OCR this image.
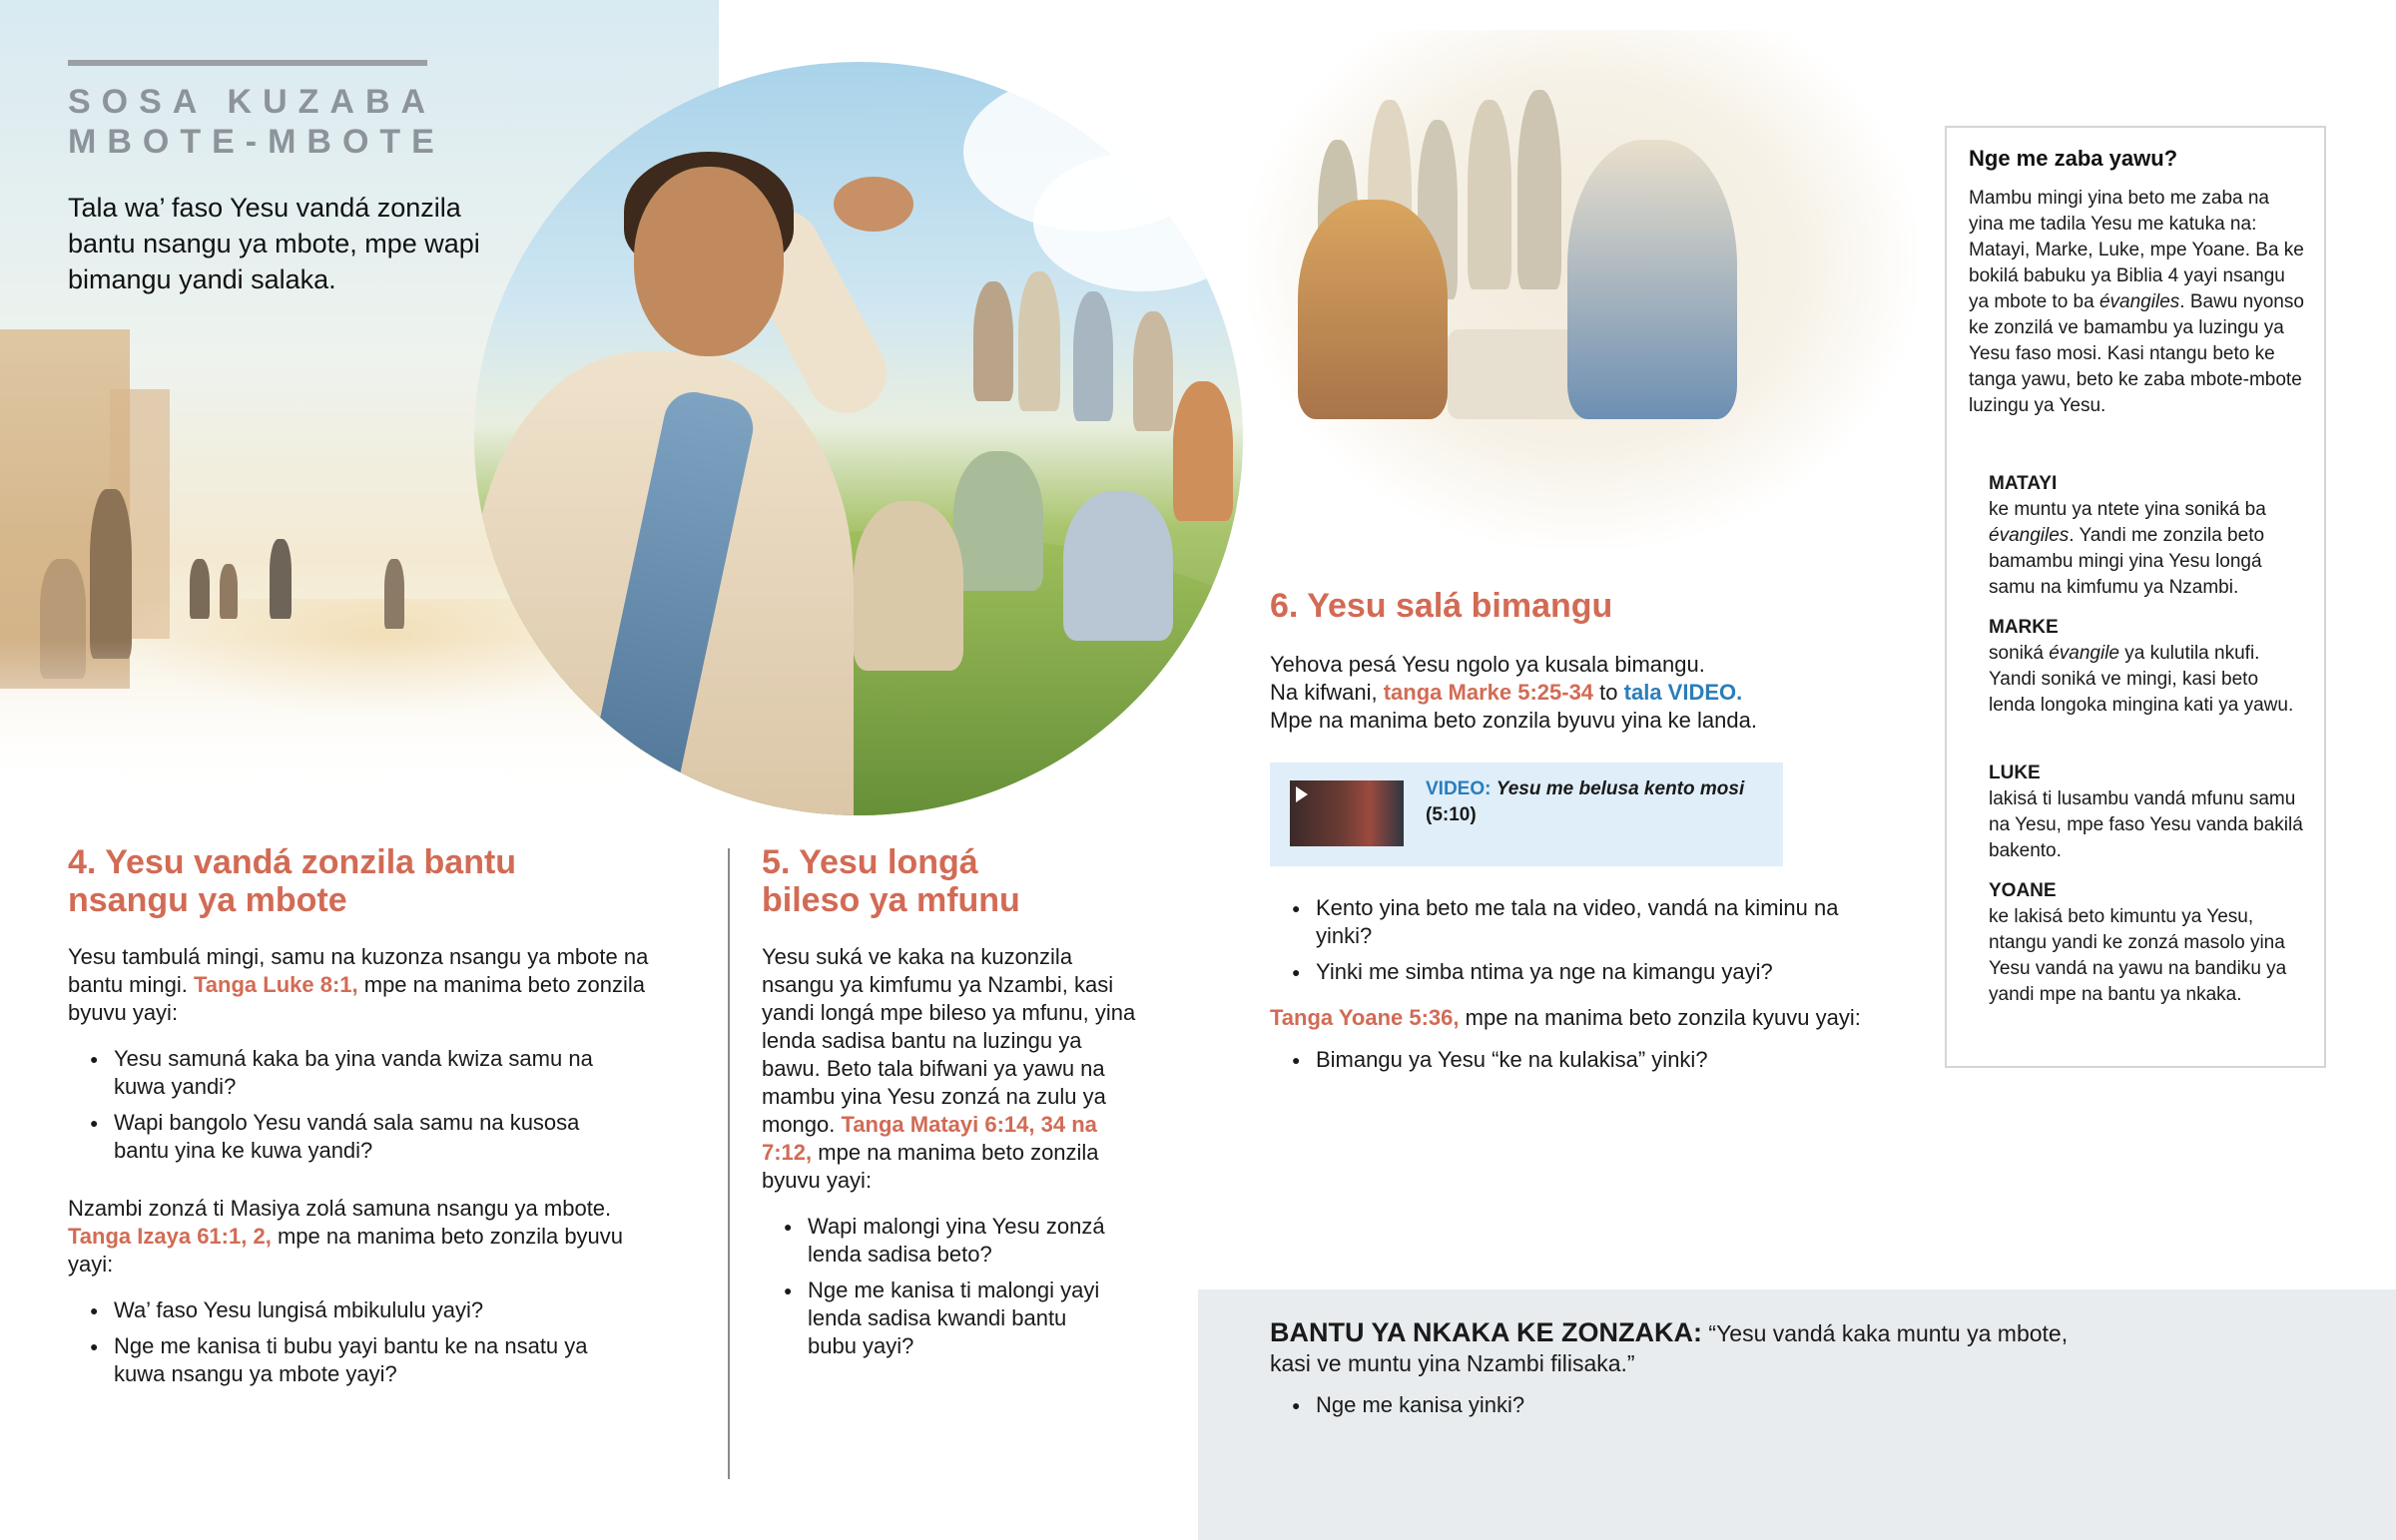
SOSA KUZABA
MBOTE-MBOTE

Tala wa’ faso Yesu vandá zonzila bantu nsangu ya mbote, mpe wapi bimangu yandi salaka.

4. Yesu vandá zonzila bantu nsangu ya mbote

Yesu tambulá mingi, samu na kuzonza nsangu ya mbote na bantu mingi. Tanga Luke 8:1, mpe na manima beto zonzila byuvu yayi:

● Yesu samuná kaka ba yina vanda kwiza samu na kuwa yandi?
● Wapi bangolo Yesu vandá sala samu na kusosa bantu yina ke kuwa yandi?

Nzambi zonzá ti Masiya zolá samuna nsangu ya mbote. Tanga Izaya 61:1, 2, mpe na manima beto zonzila byuvu yayi:

● Wa’ faso Yesu lungisá mbikululu yayi?
● Nge me kanisa ti bubu yayi bantu ke na nsatu ya kuwa nsangu ya mbote yayi?
5. Yesu longá bileso ya mfunu

Yesu suká ve kaka na kuzonzila nsangu ya kimfumu ya Nzambi, kasi yandi longá mpe bileso ya mfunu, yina lenda sadisa bantu na luzingu ya bawu. Beto tala bifwani ya yawu na mambu yina Yesu zonzá na zulu ya mongo. Tanga Matayi 6:14, 34 na 7:12, mpe na manima beto zonzila byuvu yayi:

● Wapi malongi yina Yesu zonzá lenda sadisa beto?
● Nge me kanisa ti malongi yayi lenda sadisa kwandi bantu bubu yayi?
6. Yesu salá bimangu

Yehova pesá Yesu ngolo ya kusala bimangu.
Na kifwani, tanga Marke 5:25-34 to tala VIDEO.
Mpe na manima beto zonzila byuvu yina ke landa.

VIDEO: Yesu me belusa kento mosi (5:10)
● Kento yina beto me tala na video, vandá na kiminu na yinki?
● Yinki me simba ntima ya nge na kimangu yayi?

Tanga Yoane 5:36, mpe na manima beto zonzila kyuvu yayi:

● Bimangu ya Yesu “ke na kulakisa” yinki?

Nge me zaba yawu?

Mambu mingi yina beto me zaba na yina me tadila Yesu me katuka na: Matayi, Marke, Luke, mpe Yoane. Ba ke bokilá babuku ya Biblia 4 yayi nsangu ya mbote to ba évangiles. Bawu nyonso ke zonzilá ve bamambu ya luzingu ya Yesu faso mosi. Kasi ntangu beto ke tanga yawu, beto ke zaba mbote-mbote luzingu ya Yesu.

MATAYI

ke muntu ya ntete yina soniká ba évangiles. Yandi me zonzila beto bamambu mingi yina Yesu longá samu na kimfumu ya Nzambi.

MARKE

soniká évangile ya kulutila nkufi. Yandi soniká ve mingi, kasi beto lenda longoka mingina kati ya yawu.

LUKE

lakisá ti lusambu vandá mfunu samu na Yesu, mpe faso Yesu vanda bakilá bakento.

YOANE

ke lakisá beto kimuntu ya Yesu, ntangu yandi ke zonzá masolo yina Yesu vandá na yawu na bandiku ya yandi mpe na bantu ya nkaka.

BANTU YA NKAKA KE ZONZAKA: “Yesu vandá kaka muntu ya mbote, kasi ve muntu yina Nzambi filisaka.”

● Nge me kanisa yinki?
